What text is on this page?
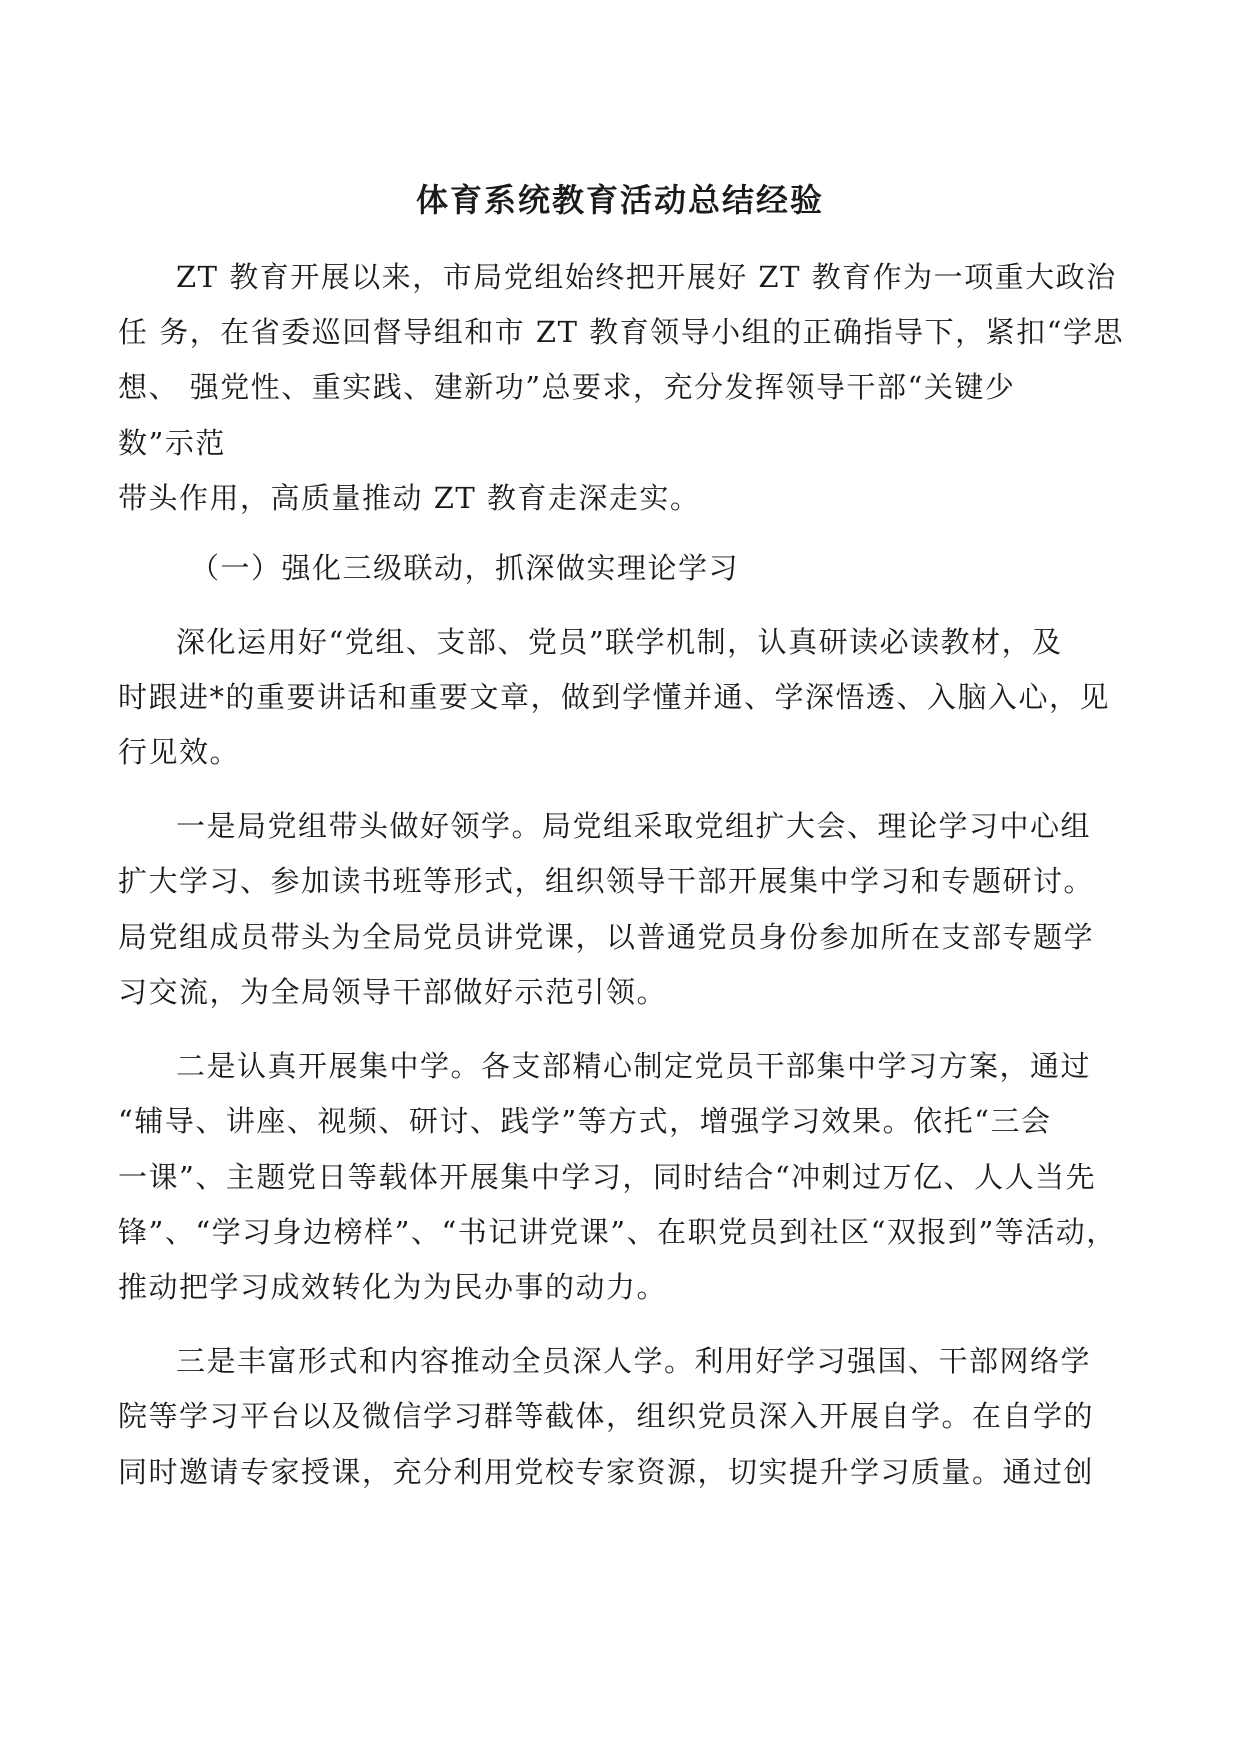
体育系统教育活动总结经验

ZT 教育开展以来，市局党组始终把开展好 ZT 教育作为一项重大政治

任 务，在省委巡回督导组和市 ZT 教育领导小组的正确指导下，紧扣“学思

想、 强党性、重实践、建新功”总要求，充分发挥领导干部“关键少

数”示范

带头作用，高质量推动 ZT 教育走深走实。

（一）强化三级联动，抓深做实理论学习

深化运用好“党组、支部、党员”联学机制，认真研读必读教材，及

时跟进*的重要讲话和重要文章，做到学懂并通、学深悟透、入脑入心，见

行见效。

一是局党组带头做好领学。局党组采取党组扩大会、理论学习中心组

扩大学习、参加读书班等形式，组织领导干部开展集中学习和专题研讨。

局党组成员带头为全局党员讲党课，以普通党员身份参加所在支部专题学

习交流，为全局领导干部做好示范引领。

二是认真开展集中学。各支部精心制定党员干部集中学习方案，通过

“辅导、讲座、视频、研讨、践学”等方式，增强学习效果。依托“三会

一课”、主题党日等载体开展集中学习，同时结合“冲刺过万亿、人人当先

锋”、“学习身边榜样”、“书记讲党课”、在职党员到社区“双报到”等活动，

推动把学习成效转化为为民办事的动力。

三是丰富形式和内容推动全员深人学。利用好学习强国、干部网络学

院等学习平台以及微信学习群等截体，组织党员深入开展自学。在自学的

同时邀请专家授课，充分利用党校专家资源，切实提升学习质量。通过创
